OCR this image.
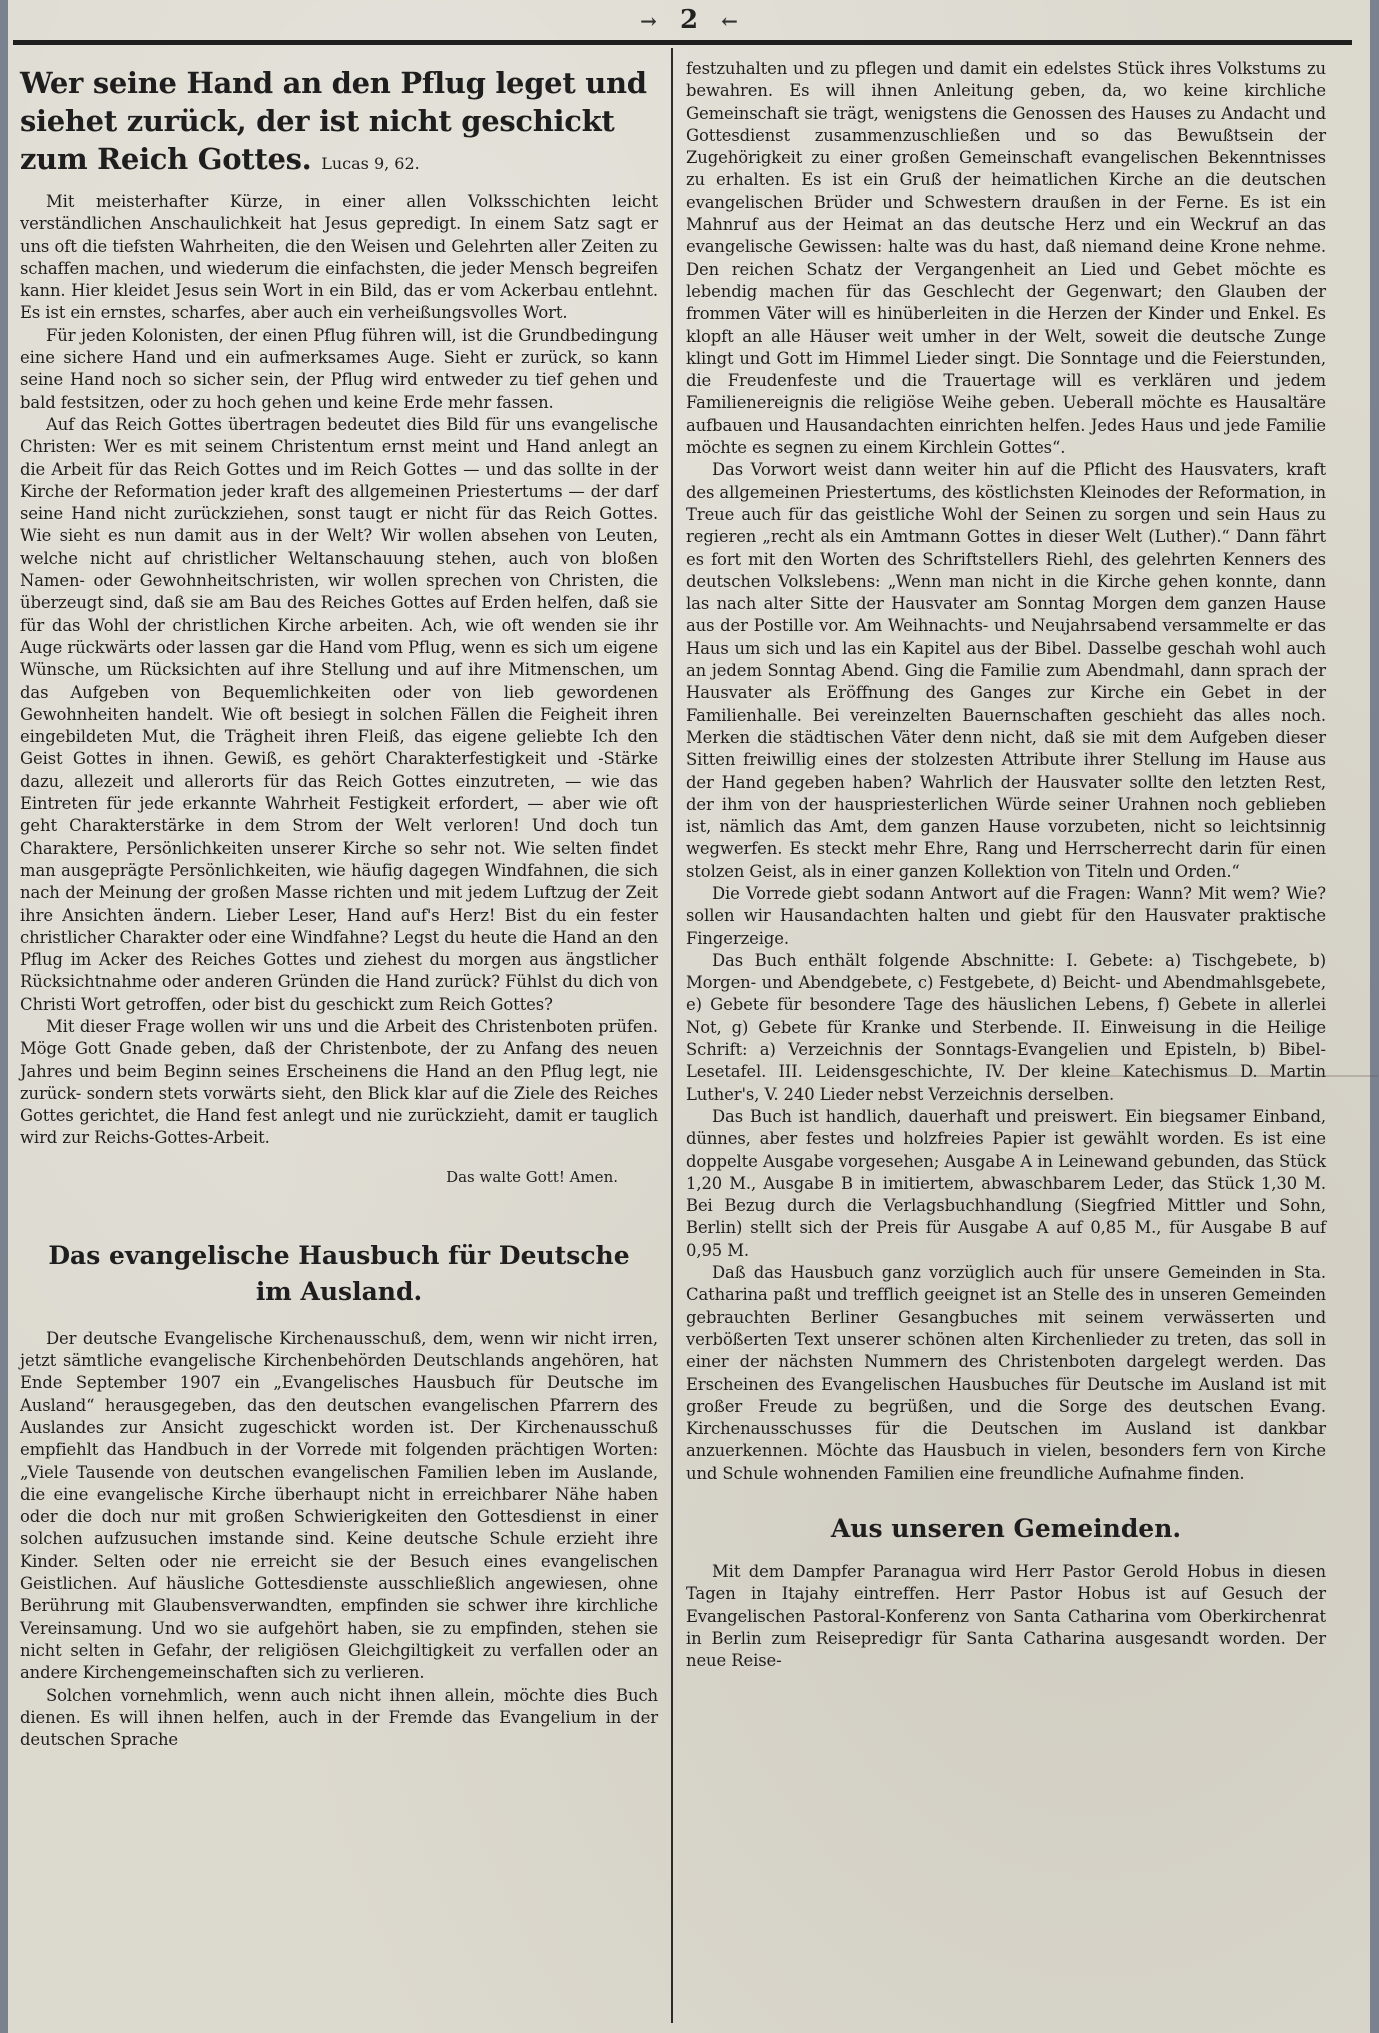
→ 2 ←
Wer seine Hand an den Pflug leget und siehet zurück, der ist nicht geschickt zum Reich Gottes. Lucas 9, 62.

Mit meisterhafter Kürze, in einer allen Volksschichten leicht verständlichen Anschaulichkeit hat Jesus gepredigt. In einem Satz sagt er uns oft die tiefsten Wahrheiten, die den Weisen und Gelehrten aller Zeiten zu schaffen machen, und wiederum die einfachsten, die jeder Mensch begreifen kann. Hier kleidet Jesus sein Wort in ein Bild, das er vom Ackerbau entlehnt. Es ist ein ernstes, scharfes, aber auch ein verheißungsvolles Wort.

Für jeden Kolonisten, der einen Pflug führen will, ist die Grundbedingung eine sichere Hand und ein aufmerksames Auge. Sieht er zurück, so kann seine Hand noch so sicher sein, der Pflug wird entweder zu tief gehen und bald festsitzen, oder zu hoch gehen und keine Erde mehr fassen.

Auf das Reich Gottes übertragen bedeutet dies Bild für uns evangelische Christen: Wer es mit seinem Christentum ernst meint und Hand anlegt an die Arbeit für das Reich Gottes und im Reich Gottes — und das sollte in der Kirche der Reformation jeder kraft des allgemeinen Priestertums — der darf seine Hand nicht zurückziehen, sonst taugt er nicht für das Reich Gottes. Wie sieht es nun damit aus in der Welt? Wir wollen absehen von Leuten, welche nicht auf christlicher Weltanschauung stehen, auch von bloßen Namen- oder Gewohnheitschristen, wir wollen sprechen von Christen, die überzeugt sind, daß sie am Bau des Reiches Gottes auf Erden helfen, daß sie für das Wohl der christlichen Kirche arbeiten. Ach, wie oft wenden sie ihr Auge rückwärts oder lassen gar die Hand vom Pflug, wenn es sich um eigene Wünsche, um Rücksichten auf ihre Stellung und auf ihre Mitmenschen, um das Aufgeben von Bequemlichkeiten oder von lieb gewordenen Gewohnheiten handelt. Wie oft besiegt in solchen Fällen die Feigheit ihren eingebildeten Mut, die Trägheit ihren Fleiß, das eigene geliebte Ich den Geist Gottes in ihnen. Gewiß, es gehört Charakterfestigkeit und -Stärke dazu, allezeit und allerorts für das Reich Gottes einzutreten, — wie das Eintreten für jede erkannte Wahrheit Festigkeit erfordert, — aber wie oft geht Charakterstärke in dem Strom der Welt verloren! Und doch tun Charaktere, Persönlichkeiten unserer Kirche so sehr not. Wie selten findet man ausgeprägte Persönlichkeiten, wie häufig dagegen Windfahnen, die sich nach der Meinung der großen Masse richten und mit jedem Luftzug der Zeit ihre Ansichten ändern. Lieber Leser, Hand auf's Herz! Bist du ein fester christlicher Charakter oder eine Windfahne? Legst du heute die Hand an den Pflug im Acker des Reiches Gottes und ziehest du morgen aus ängstlicher Rücksichtnahme oder anderen Gründen die Hand zurück? Fühlst du dich von Christi Wort getroffen, oder bist du geschickt zum Reich Gottes?

Mit dieser Frage wollen wir uns und die Arbeit des Christenboten prüfen. Möge Gott Gnade geben, daß der Christenbote, der zu Anfang des neuen Jahres und beim Beginn seines Erscheinens die Hand an den Pflug legt, nie zurück- sondern stets vorwärts sieht, den Blick klar auf die Ziele des Reiches Gottes gerichtet, die Hand fest anlegt und nie zurückzieht, damit er tauglich wird zur Reichs-Gottes-Arbeit.

Das walte Gott! Amen.
Das evangelische Hausbuch für Deutsche
im Ausland.

Der deutsche Evangelische Kirchenausschuß, dem, wenn wir nicht irren, jetzt sämtliche evangelische Kirchenbehörden Deutschlands angehören, hat Ende September 1907 ein „Evangelisches Hausbuch für Deutsche im Ausland“ herausgegeben, das den deutschen evangelischen Pfarrern des Auslandes zur Ansicht zugeschickt worden ist. Der Kirchenausschuß empfiehlt das Handbuch in der Vorrede mit folgenden prächtigen Worten: „Viele Tausende von deutschen evangelischen Familien leben im Auslande, die eine evangelische Kirche überhaupt nicht in erreichbarer Nähe haben oder die doch nur mit großen Schwierigkeiten den Gottesdienst in einer solchen aufzusuchen imstande sind. Keine deutsche Schule erzieht ihre Kinder. Selten oder nie erreicht sie der Besuch eines evangelischen Geistlichen. Auf häusliche Gottesdienste ausschließlich angewiesen, ohne Berührung mit Glaubensverwandten, empfinden sie schwer ihre kirchliche Vereinsamung. Und wo sie aufgehört haben, sie zu empfinden, stehen sie nicht selten in Gefahr, der religiösen Gleichgiltigkeit zu verfallen oder an andere Kirchengemeinschaften sich zu verlieren.

Solchen vornehmlich, wenn auch nicht ihnen allein, möchte dies Buch dienen. Es will ihnen helfen, auch in der Fremde das Evangelium in der deutschen Sprache

festzuhalten und zu pflegen und damit ein edelstes Stück ihres Volkstums zu bewahren. Es will ihnen Anleitung geben, da, wo keine kirchliche Gemeinschaft sie trägt, wenigstens die Genossen des Hauses zu Andacht und Gottesdienst zusammenzuschließen und so das Bewußtsein der Zugehörigkeit zu einer großen Gemeinschaft evangelischen Bekenntnisses zu erhalten. Es ist ein Gruß der heimatlichen Kirche an die deutschen evangelischen Brüder und Schwestern draußen in der Ferne. Es ist ein Mahnruf aus der Heimat an das deutsche Herz und ein Weckruf an das evangelische Gewissen: halte was du hast, daß niemand deine Krone nehme. Den reichen Schatz der Vergangenheit an Lied und Gebet möchte es lebendig machen für das Geschlecht der Gegenwart; den Glauben der frommen Väter will es hinüberleiten in die Herzen der Kinder und Enkel. Es klopft an alle Häuser weit umher in der Welt, soweit die deutsche Zunge klingt und Gott im Himmel Lieder singt. Die Sonntage und die Feierstunden, die Freudenfeste und die Trauertage will es verklären und jedem Familienereignis die religiöse Weihe geben. Ueberall möchte es Hausaltäre aufbauen und Hausandachten einrichten helfen. Jedes Haus und jede Familie möchte es segnen zu einem Kirchlein Gottes“.

Das Vorwort weist dann weiter hin auf die Pflicht des Hausvaters, kraft des allgemeinen Priestertums, des köstlichsten Kleinodes der Reformation, in Treue auch für das geistliche Wohl der Seinen zu sorgen und sein Haus zu regieren „recht als ein Amtmann Gottes in dieser Welt (Luther).“ Dann fährt es fort mit den Worten des Schriftstellers Riehl, des gelehrten Kenners des deutschen Volkslebens: „Wenn man nicht in die Kirche gehen konnte, dann las nach alter Sitte der Hausvater am Sonntag Morgen dem ganzen Hause aus der Postille vor. Am Weihnachts- und Neujahrsabend versammelte er das Haus um sich und las ein Kapitel aus der Bibel. Dasselbe geschah wohl auch an jedem Sonntag Abend. Ging die Familie zum Abendmahl, dann sprach der Hausvater als Eröffnung des Ganges zur Kirche ein Gebet in der Familienhalle. Bei vereinzelten Bauernschaften geschieht das alles noch. Merken die städtischen Väter denn nicht, daß sie mit dem Aufgeben dieser Sitten freiwillig eines der stolzesten Attribute ihrer Stellung im Hause aus der Hand gegeben haben? Wahrlich der Hausvater sollte den letzten Rest, der ihm von der hauspriesterlichen Würde seiner Urahnen noch geblieben ist, nämlich das Amt, dem ganzen Hause vorzubeten, nicht so leichtsinnig wegwerfen. Es steckt mehr Ehre, Rang und Herrscherrecht darin für einen stolzen Geist, als in einer ganzen Kollektion von Titeln und Orden.“

Die Vorrede giebt sodann Antwort auf die Fragen: Wann? Mit wem? Wie? sollen wir Hausandachten halten und giebt für den Hausvater praktische Fingerzeige.

Das Buch enthält folgende Abschnitte: I. Gebete: a) Tischgebete, b) Morgen- und Abendgebete, c) Festgebete, d) Beicht- und Abendmahlsgebete, e) Gebete für besondere Tage des häuslichen Lebens, f) Gebete in allerlei Not, g) Gebete für Kranke und Sterbende. II. Einweisung in die Heilige Schrift: a) Verzeichnis der Sonntags-Evangelien und Episteln, b) Bibel-Lesetafel. III. Leidensgeschichte, IV. Der kleine Katechismus D. Martin Luther's, V. 240 Lieder nebst Verzeichnis derselben.

Das Buch ist handlich, dauerhaft und preiswert. Ein biegsamer Einband, dünnes, aber festes und holzfreies Papier ist gewählt worden. Es ist eine doppelte Ausgabe vorgesehen; Ausgabe A in Leinewand gebunden, das Stück 1,20 M., Ausgabe B in imitiertem, abwaschbarem Leder, das Stück 1,30 M. Bei Bezug durch die Verlagsbuchhandlung (Siegfried Mittler und Sohn, Berlin) stellt sich der Preis für Ausgabe A auf 0,85 M., für Ausgabe B auf 0,95 M.

Daß das Hausbuch ganz vorzüglich auch für unsere Gemeinden in Sta. Catharina paßt und trefflich geeignet ist an Stelle des in unseren Gemeinden gebrauchten Berliner Gesangbuches mit seinem verwässerten und verbößerten Text unserer schönen alten Kirchenlieder zu treten, das soll in einer der nächsten Nummern des Christenboten dargelegt werden. Das Erscheinen des Evangelischen Hausbuches für Deutsche im Ausland ist mit großer Freude zu begrüßen, und die Sorge des deutschen Evang. Kirchenausschusses für die Deutschen im Ausland ist dankbar anzuerkennen. Möchte das Hausbuch in vielen, besonders fern von Kirche und Schule wohnenden Familien eine freundliche Aufnahme finden.

Aus unseren Gemeinden.

Mit dem Dampfer Paranagua wird Herr Pastor Gerold Hobus in diesen Tagen in Itajahy eintreffen. Herr Pastor Hobus ist auf Gesuch der Evangelischen Pastoral-Konferenz von Santa Catharina vom Oberkirchenrat in Berlin zum Reisepredigr für Santa Catharina ausgesandt worden. Der neue Reise-
